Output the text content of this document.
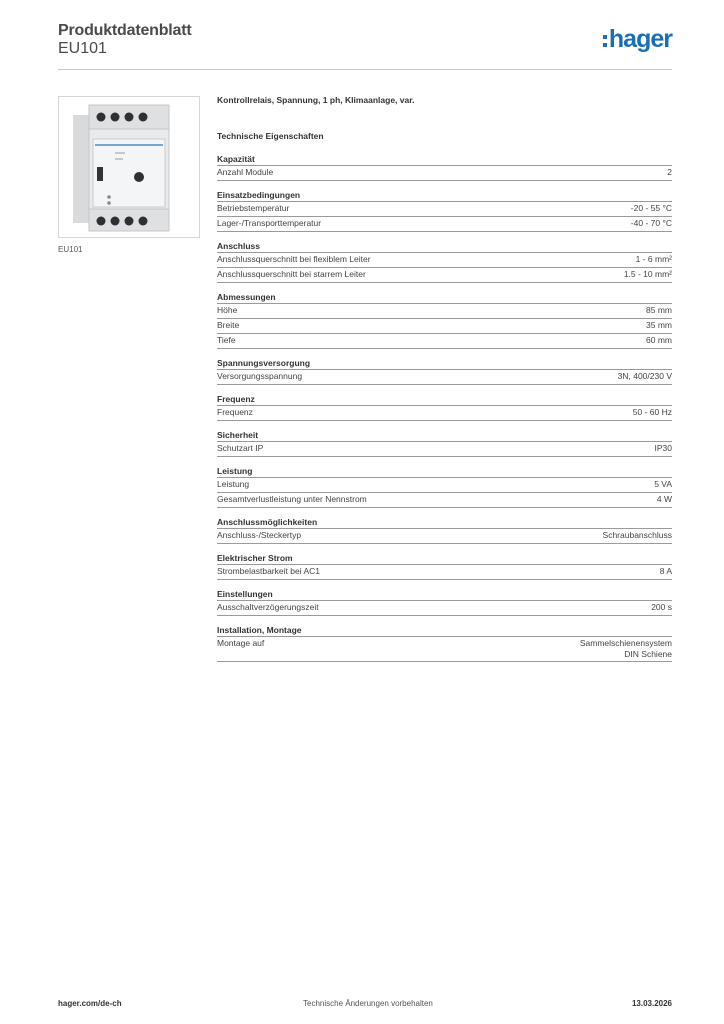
Produktdatenblatt
EU101	hager
EU101
Kontrollrelais, Spannung, 1 ph, Klimaanlage, var.
Technische Eigenschaften
Kapazität
Anzahl Module	2
Einsatzbedingungen
Betriebstemperatur	-20 - 55 °C
Lager-/Transporttemperatur	-40 - 70 °C
Anschluss
Anschlussquerschnitt bei flexiblem Leiter	1 - 6 mm²
Anschlussquerschnitt bei starrem Leiter	1.5 - 10 mm²
Abmessungen
Höhe	85 mm
Breite	35 mm
Tiefe	60 mm
Spannungsversorgung
Versorgungsspannung	3N, 400/230 V
Frequenz
Frequenz	50 - 60 Hz
Sicherheit
Schutzart IP	IP30
Leistung
Leistung	5 VA
Gesamtverlustleistung unter Nennstrom	4 W
Anschlussmöglichkeiten
Anschluss-/Steckertyp	Schraubanschluss
Elektrischer Strom
Strombelastbarkeit bei AC1	8 A
Einstellungen
Ausschaltverzögerungszeit	200 s
Installation, Montage
Montage auf	Sammelschienensystem
DIN Schiene
hager.com/de-ch	Technische Änderungen vorbehalten	13.03.2026
